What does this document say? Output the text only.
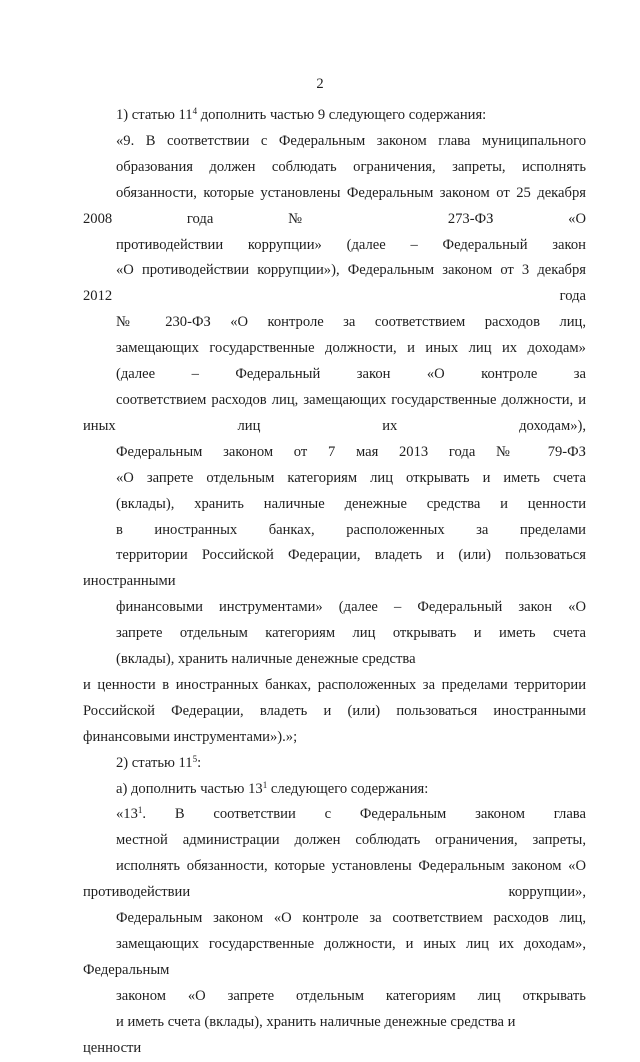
2

1) статью $11^4$ дополнить частью 9 следующего содержания:

«9. В соответствии с Федеральным законом глава муниципального
образования должен соблюдать ограничения, запреты, исполнять
обязанности, которые установлены Федеральным законом от 25 декабря 2008	года	№	273-ФЗ	«О
противодействии коррупции» (далее – Федеральный закон
«О противодействии коррупции»), Федеральным законом от 3 декабря 2012	года
№ 230-ФЗ «О контроле за соответствием расходов лиц,
замещающих государственные должности, и иных лиц их доходам»
(далее – Федеральный закон «О контроле за
соответствием расходов лиц, замещающих государственные должности, и иных	лиц	их	доходам»),
Федеральным законом от 7 мая 2013 года № 79-ФЗ
«О запрете отдельным категориям лиц открывать и иметь счета
(вклады), хранить наличные денежные средства и ценности
в иностранных банках, расположенных за пределами
территории Российской Федерации, владеть и (или) пользоваться иностранными
финансовыми инструментами» (далее – Федеральный закон «О
запрете отдельным категориям лиц открывать и иметь счета
(вклады), хранить наличные денежные средства
и ценности в иностранных банках, расположенных за пределами территории Российской Федерации, владеть и (или) пользоваться иностранными финансовыми инструментами»).»;

2) статью $11^5$:

а) дополнить частью $13^1$ следующего содержания:

«$13^1$. В соответствии с Федеральным законом глава
местной администрации должен соблюдать ограничения, запреты,
исполнять обязанности, которые установлены Федеральным законом «О противодействии	коррупции»,
Федеральным законом «О контроле за соответствием расходов лиц,
замещающих государственные должности, и иных лиц их доходам», Федеральным
законом «О запрете отдельным категориям лиц открывать
и иметь счета (вклады), хранить наличные денежные средства и
ценности
